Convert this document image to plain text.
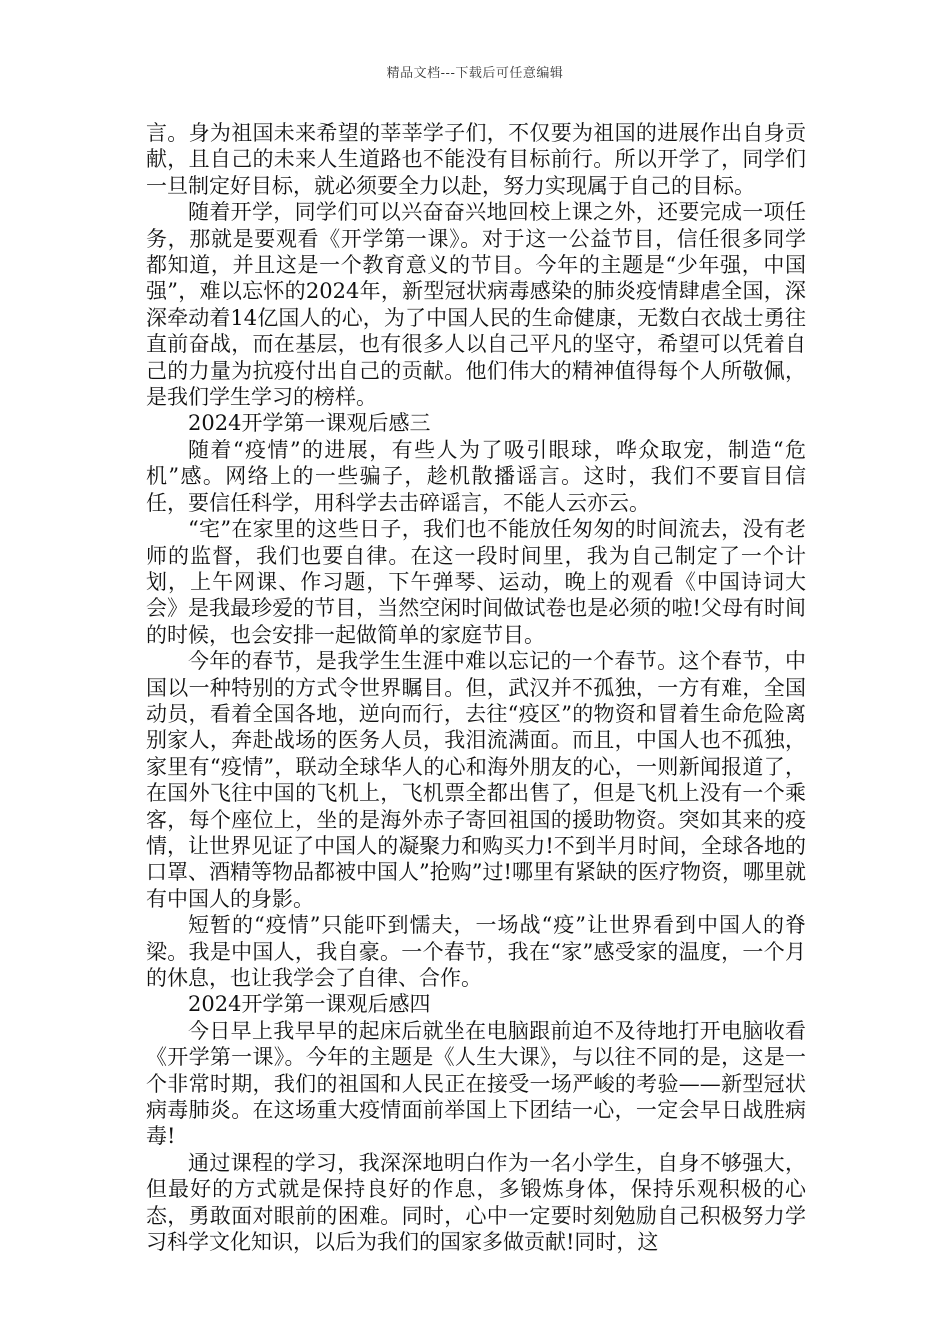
精品文档---下载后可任意编辑

言。身为祖国未来希望的莘莘学子们，不仅要为祖国的进展作出自身贡献，且自己的未来人生道路也不能没有目标前行。所以开学了，同学们一旦制定好目标，就必须要全力以赴，努力实现属于自己的目标。

随着开学，同学们可以兴奋奋兴地回校上课之外，还要完成一项任务，那就是要观看《开学第一课》。对于这一公益节目，信任很多同学都知道，并且这是一个教育意义的节目。今年的主题是“少年强，中国强”，难以忘怀的2024年，新型冠状病毒感染的肺炎疫情肆虐全国，深深牵动着14亿国人的心，为了中国人民的生命健康，无数白衣战士勇往直前奋战，而在基层，也有很多人以自己平凡的坚守，希望可以凭着自己的力量为抗疫付出自己的贡献。他们伟大的精神值得每个人所敬佩，是我们学生学习的榜样。

2024开学第一课观后感三

随着“疫情”的进展，有些人为了吸引眼球，哗众取宠，制造“危机”感。网络上的一些骗子，趁机散播谣言。这时，我们不要盲目信任，要信任科学，用科学去击碎谣言，不能人云亦云。

“宅”在家里的这些日子，我们也不能放任匆匆的时间流去，没有老师的监督，我们也要自律。在这一段时间里，我为自己制定了一个计划，上午网课、作习题，下午弹琴、运动，晚上的观看《中国诗词大会》是我最珍爱的节目，当然空闲时间做试卷也是必须的啦!父母有时间的时候，也会安排一起做简单的家庭节目。

今年的春节，是我学生生涯中难以忘记的一个春节。这个春节，中国以一种特别的方式令世界瞩目。但，武汉并不孤独，一方有难，全国动员，看着全国各地，逆向而行，去往“疫区”的物资和冒着生命危险离别家人，奔赴战场的医务人员，我泪流满面。而且，中国人也不孤独，家里有“疫情”，联动全球华人的心和海外朋友的心，一则新闻报道了，在国外飞往中国的飞机上，飞机票全都出售了，但是飞机上没有一个乘客，每个座位上，坐的是海外赤子寄回祖国的援助物资。突如其来的疫情，让世界见证了中国人的凝聚力和购买力!不到半月时间，全球各地的口罩、酒精等物品都被中国人”抢购”过!哪里有紧缺的医疗物资，哪里就有中国人的身影。

短暂的“疫情”只能吓到懦夫，一场战“疫”让世界看到中国人的脊梁。我是中国人，我自豪。一个春节，我在“家”感受家的温度，一个月的休息，也让我学会了自律、合作。

2024开学第一课观后感四

今日早上我早早的起床后就坐在电脑跟前迫不及待地打开电脑收看《开学第一课》。今年的主题是《人生大课》，与以往不同的是，这是一个非常时期，我们的祖国和人民正在接受一场严峻的考验——新型冠状病毒肺炎。在这场重大疫情面前举国上下团结一心，一定会早日战胜病毒!

通过课程的学习，我深深地明白作为一名小学生，自身不够强大，但最好的方式就是保持良好的作息，多锻炼身体，保持乐观积极的心态，勇敢面对眼前的困难。同时，心中一定要时刻勉励自己积极努力学习科学文化知识，以后为我们的国家多做贡献!同时，这
